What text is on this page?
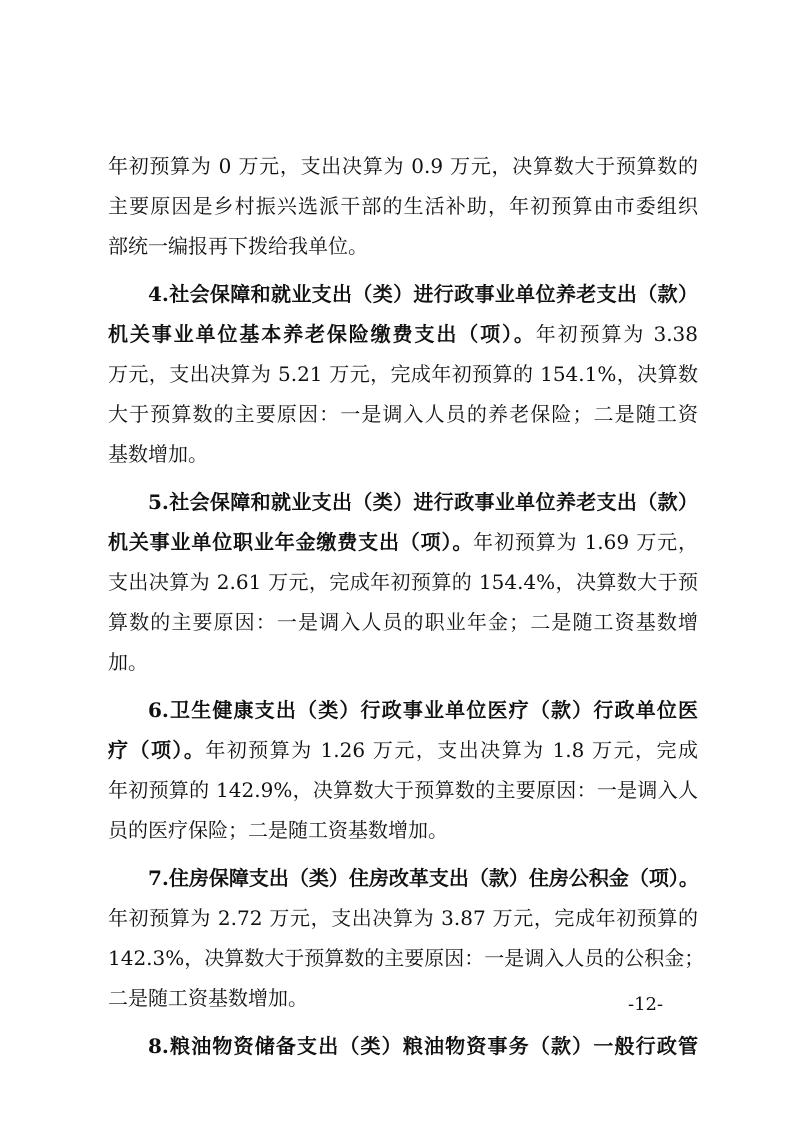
年初预算为 0 万元，支出决算为 0.9 万元，决算数大于预算数的
主要原因是乡村振兴选派干部的生活补助，年初预算由市委组织
部统一编报再下拨给我单位。
4.社会保障和就业支出（类）进行政事业单位养老支出（款）
机关事业单位基本养老保险缴费支出（项）。年初预算为 3.38
万元，支出决算为 5.21 万元，完成年初预算的 154.1%，决算数
大于预算数的主要原因：一是调入人员的养老保险；二是随工资
基数增加。
5.社会保障和就业支出（类）进行政事业单位养老支出（款）
机关事业单位职业年金缴费支出（项）。年初预算为 1.69 万元，
支出决算为 2.61 万元，完成年初预算的 154.4%，决算数大于预
算数的主要原因：一是调入人员的职业年金；二是随工资基数增
加。
6.卫生健康支出（类）行政事业单位医疗（款）行政单位医
疗（项）。年初预算为 1.26 万元，支出决算为 1.8 万元，完成
年初预算的 142.9%，决算数大于预算数的主要原因：一是调入人
员的医疗保险；二是随工资基数增加。
7.住房保障支出（类）住房改革支出（款）住房公积金（项）。
年初预算为 2.72 万元，支出决算为 3.87 万元，完成年初预算的
142.3%，决算数大于预算数的主要原因：一是调入人员的公积金；
二是随工资基数增加。
8.粮油物资储备支出（类）粮油物资事务（款）一般行政管
-12-
